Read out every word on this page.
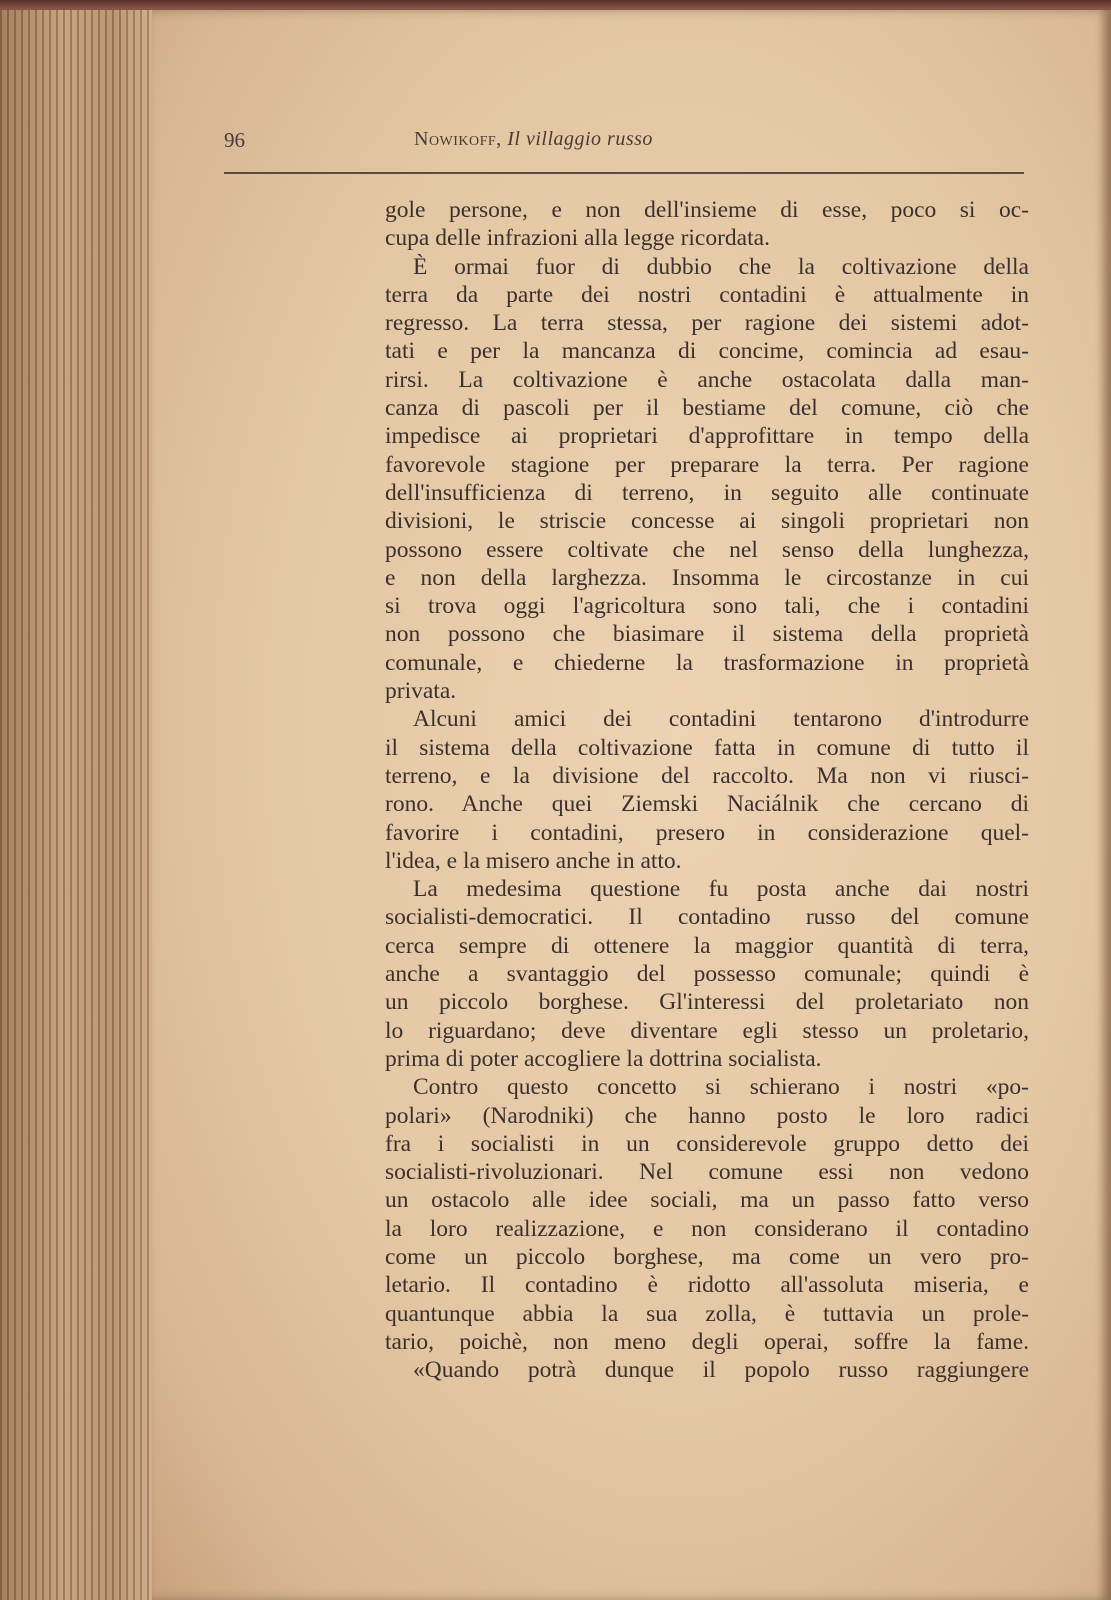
96	Nowikoff, Il villaggio russo
gole persone, e non dell'insieme di esse, poco si oc-
cupa delle infrazioni alla legge ricordata.
È ormai fuor di dubbio che la coltivazione della
terra da parte dei nostri contadini è attualmente in
regresso. La terra stessa, per ragione dei sistemi adot-
tati e per la mancanza di concime, comincia ad esau-
rirsi. La coltivazione è anche ostacolata dalla man-
canza di pascoli per il bestiame del comune, ciò che
impedisce ai proprietari d'approfittare in tempo della
favorevole stagione per preparare la terra. Per ragione
dell'insufficienza di terreno, in seguito alle continuate
divisioni, le striscie concesse ai singoli proprietari non
possono essere coltivate che nel senso della lunghezza,
e non della larghezza. Insomma le circostanze in cui
si trova oggi l'agricoltura sono tali, che i contadini
non possono che biasimare il sistema della proprietà
comunale, e chiederne la trasformazione in proprietà
privata.
Alcuni amici dei contadini tentarono d'introdurre
il sistema della coltivazione fatta in comune di tutto il
terreno, e la divisione del raccolto. Ma non vi riusci-
rono. Anche quei Ziemski Naciálnik che cercano di
favorire i contadini, presero in considerazione quel-
l'idea, e la misero anche in atto.
La medesima questione fu posta anche dai nostri
socialisti-democratici. Il contadino russo del comune
cerca sempre di ottenere la maggior quantità di terra,
anche a svantaggio del possesso comunale; quindi è
un piccolo borghese. Gl'interessi del proletariato non
lo riguardano; deve diventare egli stesso un proletario,
prima di poter accogliere la dottrina socialista.
Contro questo concetto si schierano i nostri «po-
polari» (Narodniki) che hanno posto le loro radici
fra i socialisti in un considerevole gruppo detto dei
socialisti-rivoluzionari. Nel comune essi non vedono
un ostacolo alle idee sociali, ma un passo fatto verso
la loro realizzazione, e non considerano il contadino
come un piccolo borghese, ma come un vero pro-
letario. Il contadino è ridotto all'assoluta miseria, e
quantunque abbia la sua zolla, è tuttavia un prole-
tario, poichè, non meno degli operai, soffre la fame.
«Quando potrà dunque il popolo russo raggiungere
